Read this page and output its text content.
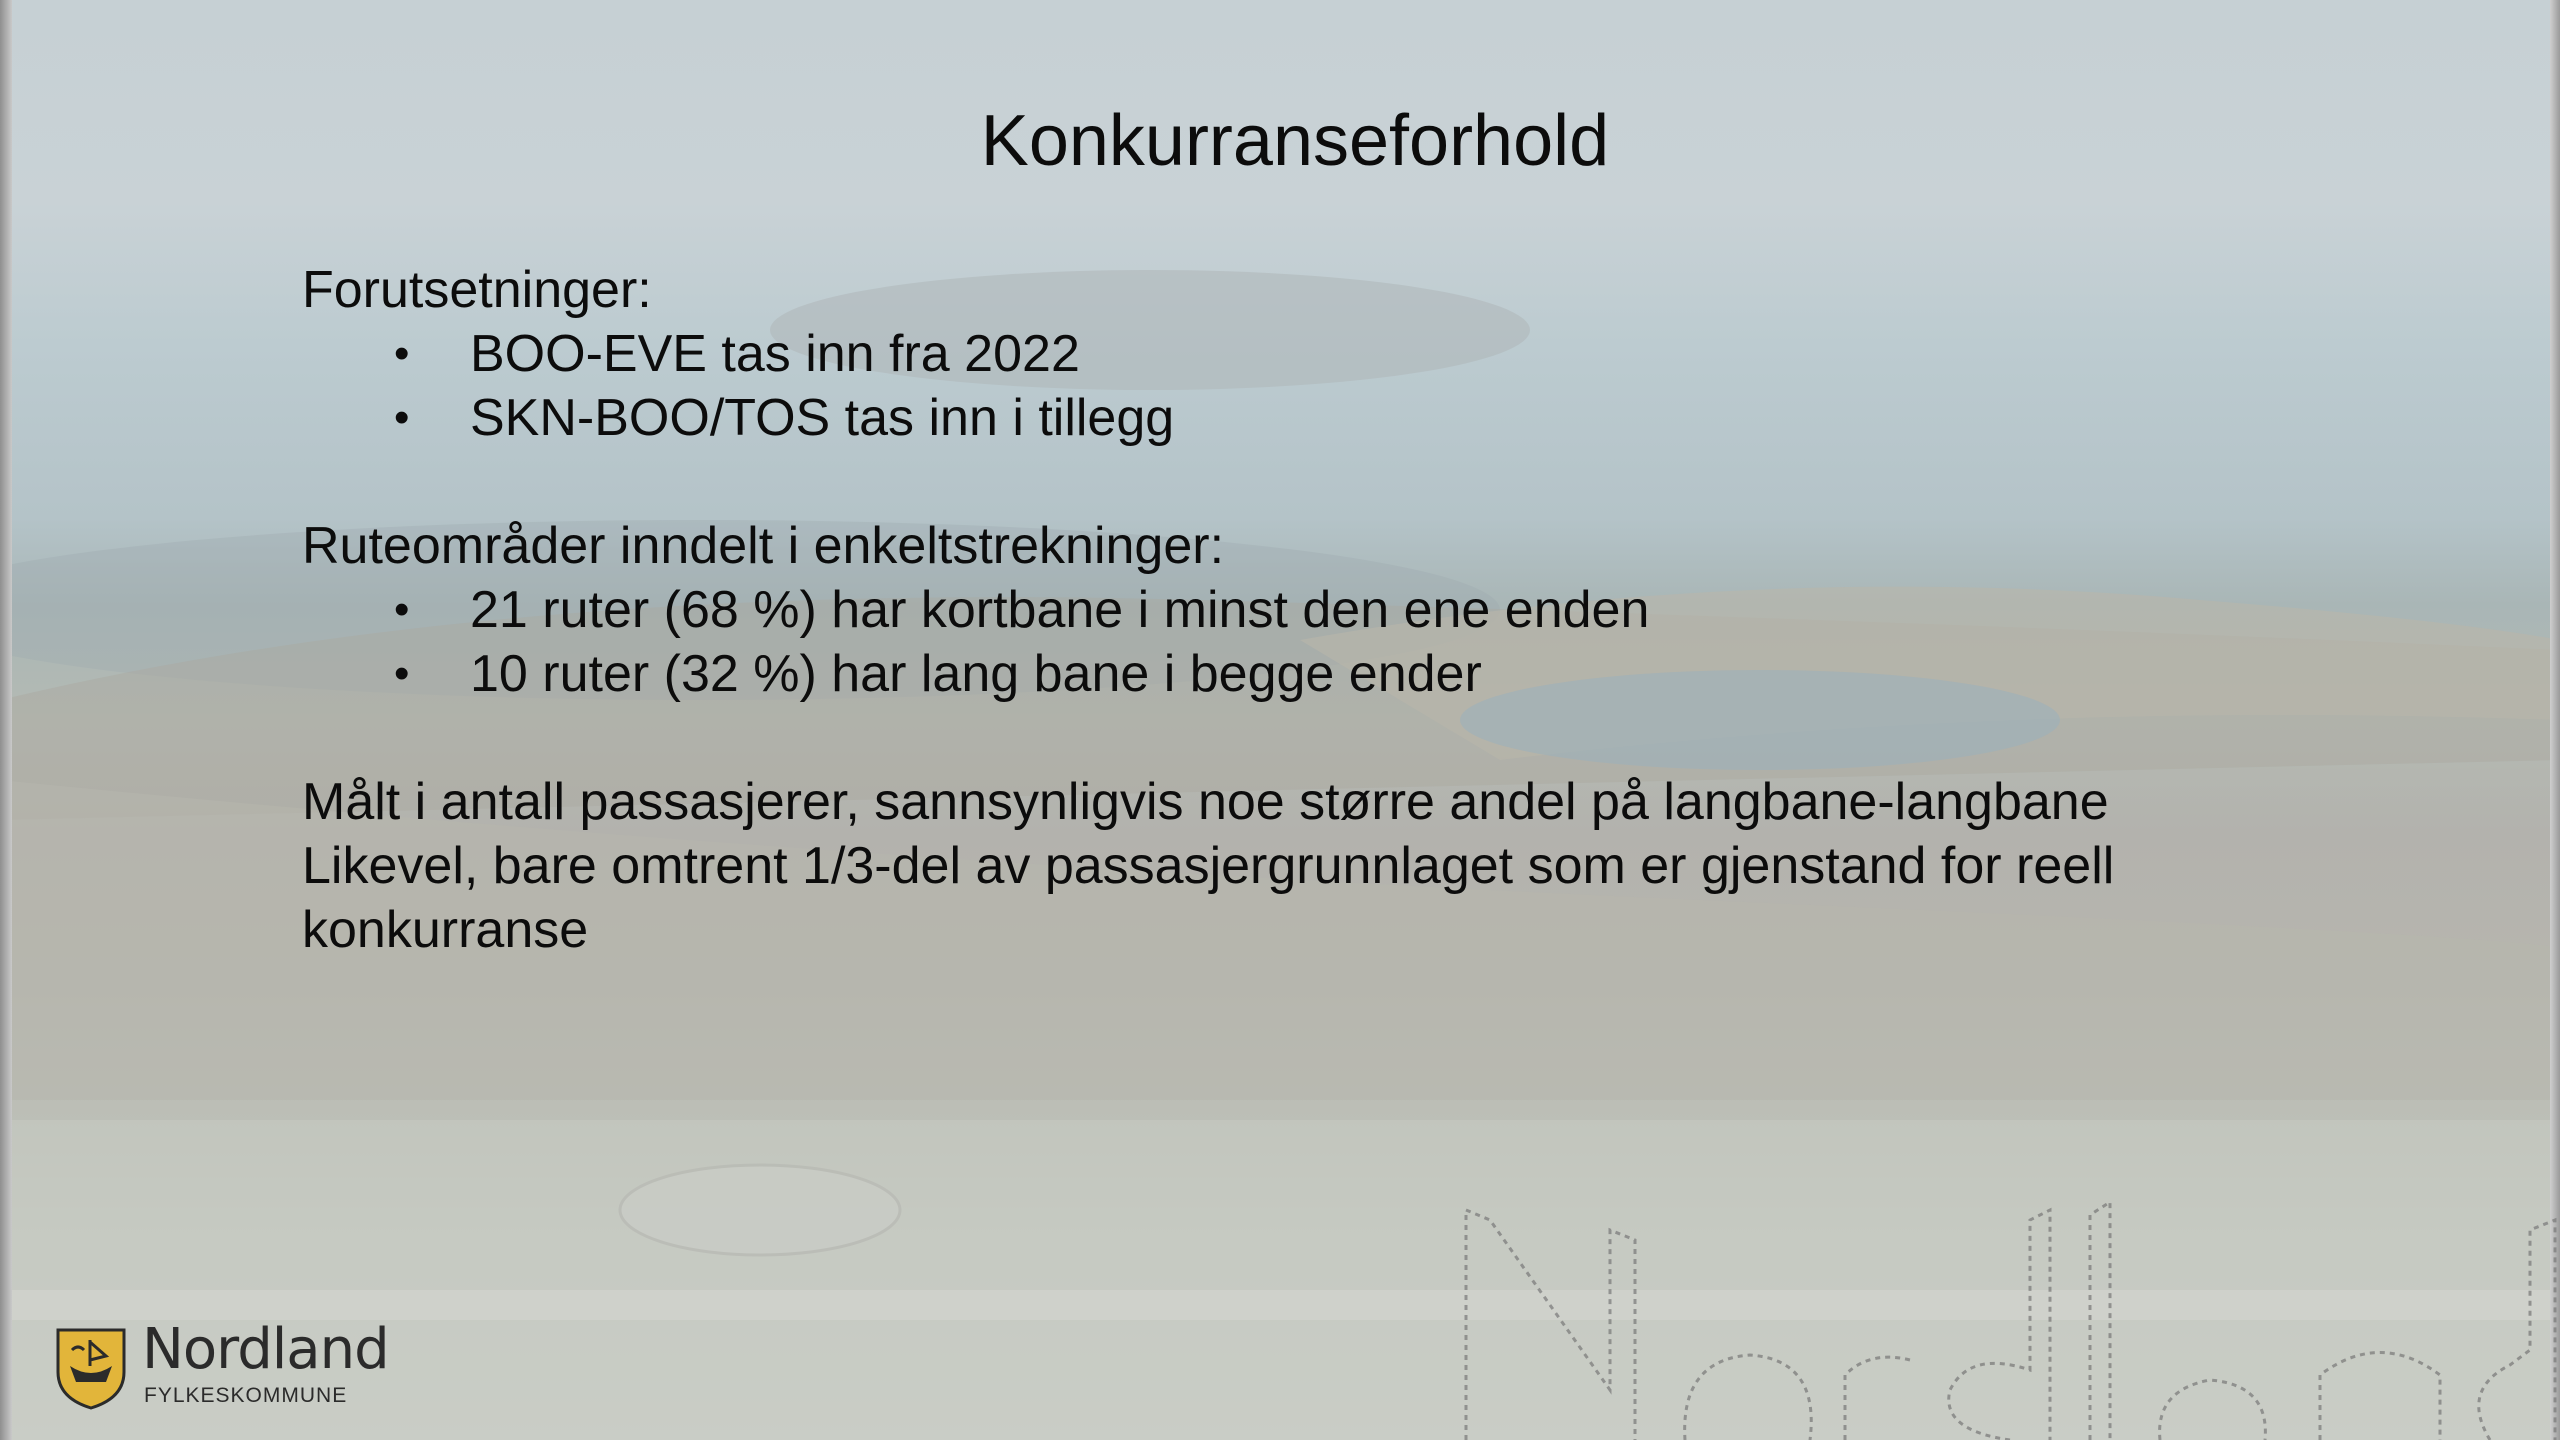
Konkurranseforhold

Forutsetninger:

• BOO-EVE tas inn fra 2022
• SKN-BOO/TOS tas inn i tillegg

Ruteområder inndelt i enkeltstrekninger:

• 21 ruter (68 %) har kortbane i minst den ene enden
• 10 ruter (32 %) har lang bane i begge ender

Målt i antall passasjerer, sannsynligvis noe større andel på langbane-langbane

Likevel, bare omtrent 1/3-del av passasjergrunnlaget som er gjenstand for reell

konkurranse

Nordland
FYLKESKOMMUNE
